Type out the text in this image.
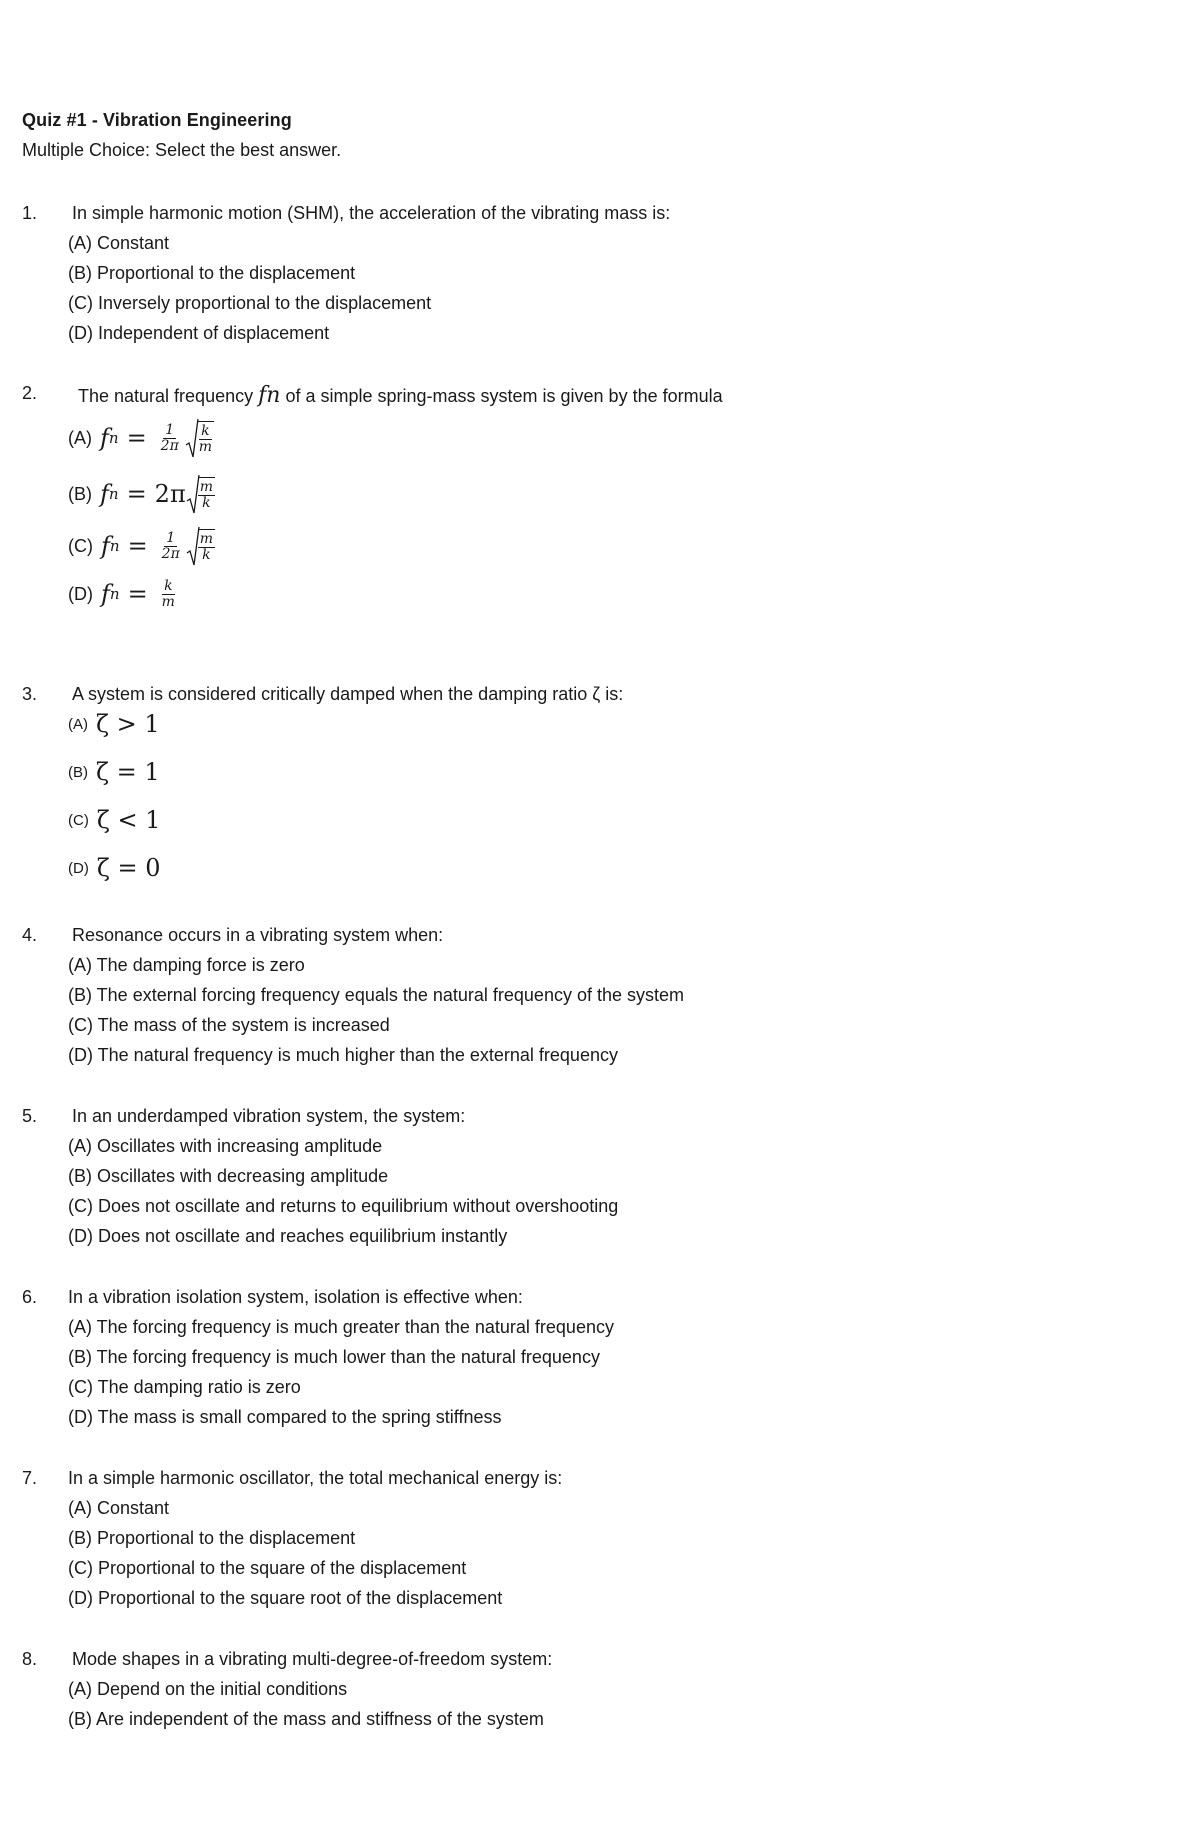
Quiz #1 - Vibration Engineering
Multiple Choice: Select the best answer.
1. In simple harmonic motion (SHM), the acceleration of the vibrating mass is:
(A) Constant
(B) Proportional to the displacement
(C) Inversely proportional to the displacement
(D) Independent of displacement
2. The natural frequency fn of a simple spring-mass system is given by the formula
(A) f $n = \frac{1}{2\pi} \frac{k}{m}$
(B) f $n = 2\pi \frac{m}{k}$
(C) f $n = \frac{1}{2\pi} \frac{m}{k}$
(D) f $n = \frac{k}{m}$
3. A system is considered critically damped when the damping ratio ζ is:
(A) ζ > 1
(B) ζ = 1
(C) ζ < 1
(D) ζ = 0
4. Resonance occurs in a vibrating system when:
(A) The damping force is zero
(B) The external forcing frequency equals the natural frequency of the system
(C) The mass of the system is increased
(D) The natural frequency is much higher than the external frequency
5. In an underdamped vibration system, the system:
(A) Oscillates with increasing amplitude
(B) Oscillates with decreasing amplitude
(C) Does not oscillate and returns to equilibrium without overshooting
(D) Does not oscillate and reaches equilibrium instantly
6. In a vibration isolation system, isolation is effective when:
(A) The forcing frequency is much greater than the natural frequency
(B) The forcing frequency is much lower than the natural frequency
(C) The damping ratio is zero
(D) The mass is small compared to the spring stiffness
7. In a simple harmonic oscillator, the total mechanical energy is:
(A) Constant
(B) Proportional to the displacement
(C) Proportional to the square of the displacement
(D) Proportional to the square root of the displacement
8. Mode shapes in a vibrating multi-degree-of-freedom system:
(A) Depend on the initial conditions
(B) Are independent of the mass and stiffness of the system
